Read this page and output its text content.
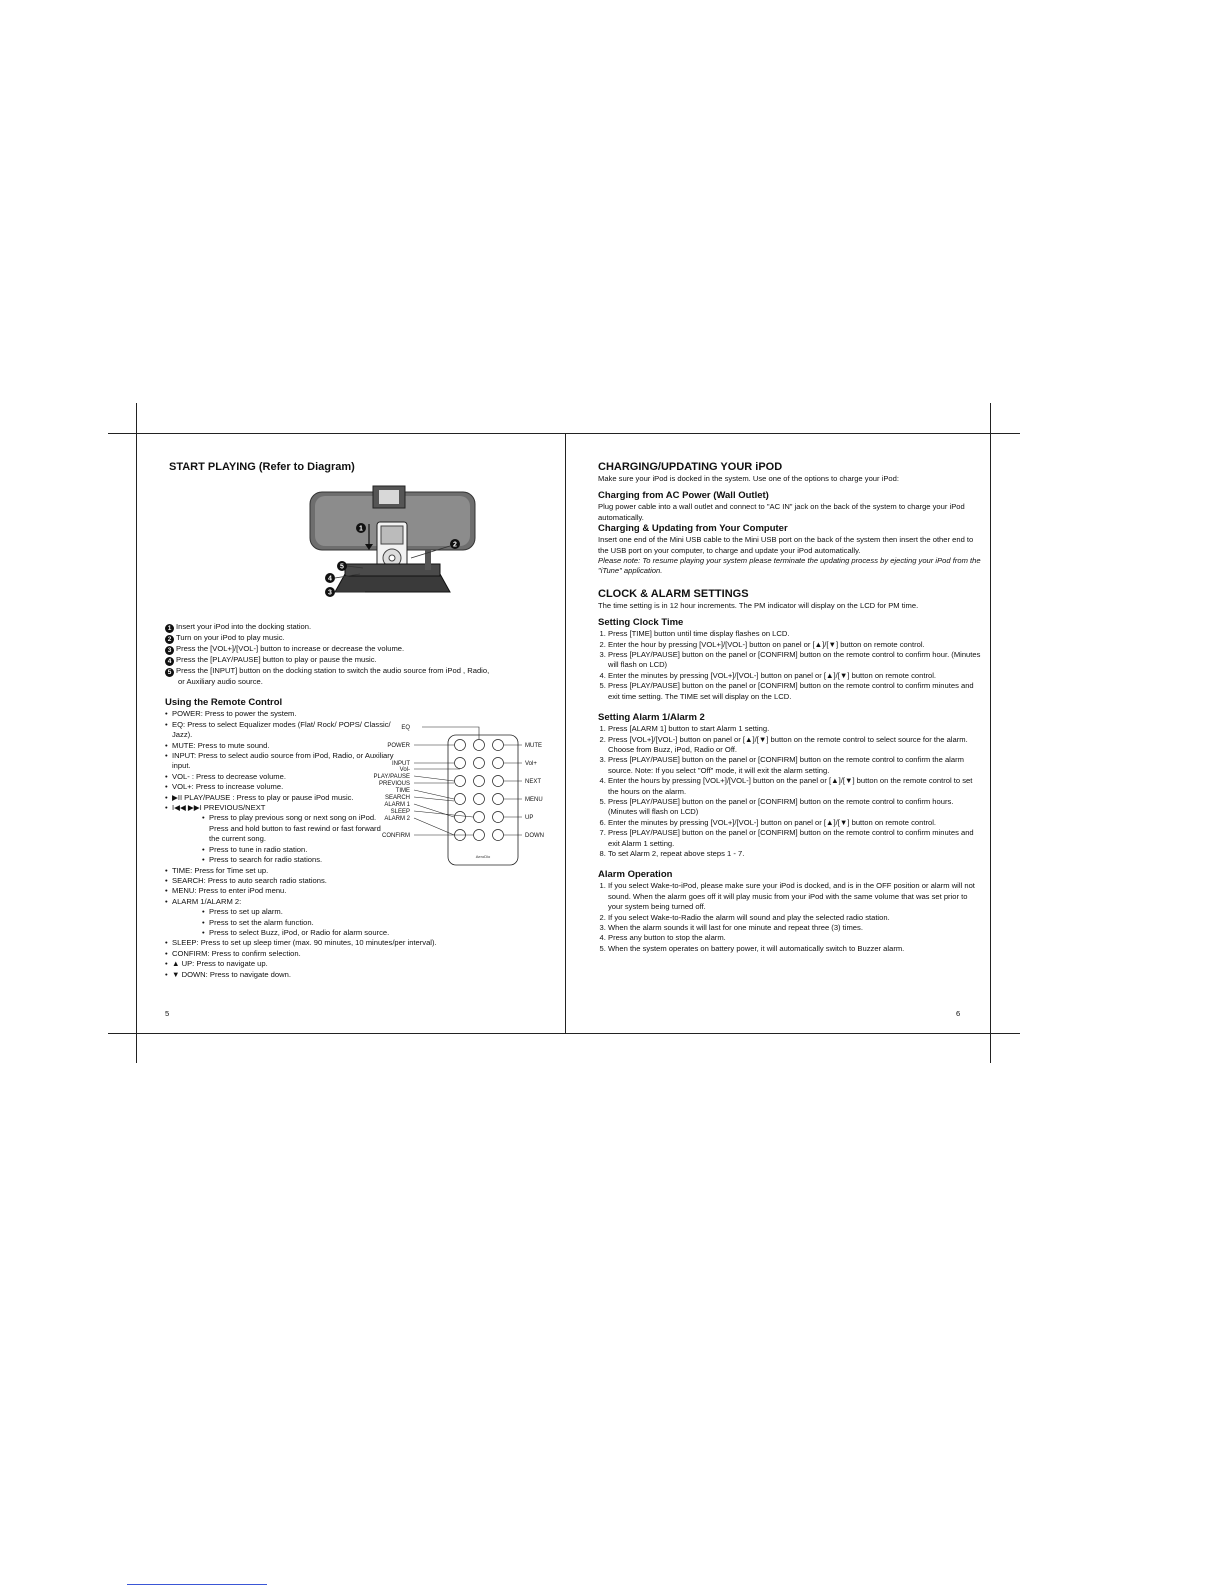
START PLAYING (Refer to Diagram)
1
2
3
4
5

1 Insert your iPod into the docking station.

2 Turn on your iPod to play music.

3 Press the [VOL+]/[VOL-] button to increase or decrease the volume.

4 Press the [PLAY/PAUSE] button to play or pause the music.

5 Press the [INPUT] button on the docking station to switch the audio source from iPod , Radio, or Auxiliary audio source.

Using the Remote Control
• POWER: Press to power the system.
• EQ: Press to select Equalizer modes (Flat/ Rock/ POPS/ Classic/ Jazz).
• MUTE: Press to mute sound.
• INPUT: Press to select audio source from iPod, Radio, or Auxiliary input.
• VOL- : Press to decrease volume.
• VOL+: Press to increase volume.
• ▶II PLAY/PAUSE : Press to play or pause iPod music.
• I◀◀ ▶▶I PREVIOUS/NEXT
• Press to play previous song or next song on iPod. Press and hold button to fast rewind or fast forward the current song.
• Press to tune in radio station.
• Press to search for radio stations.
• TIME: Press for Time set up.
• SEARCH: Press to auto search radio stations.
• MENU: Press to enter iPod menu.
• ALARM 1/ALARM 2:
• Press to set up alarm.
• Press to set the alarm function.
• Press to select Buzz, iPod, or Radio for alarm source.
• SLEEP: Press to set up sleep timer (max. 90 minutes, 10 minutes/per interval).
• CONFIRM: Press to confirm selection.
• ▲ UP: Press to navigate up.
• ▼ DOWN: Press to navigate down.
AeroDio
EQ
POWER
INPUT
Vol-
PLAY/PAUSE
PREVIOUS
TIME
SEARCH
ALARM 1
SLEEP
ALARM 2
CONFIRM
MUTE
Vol+
NEXT
MENU
UP
DOWN
5
CHARGING/UPDATING YOUR iPOD

Make sure your iPod is docked in the system. Use one of the options to charge your iPod:

Charging from AC Power (Wall Outlet)

Plug power cable into a wall outlet and connect to "AC IN" jack on the back of the system to charge your iPod automatically.

Charging & Updating from Your Computer

Insert one end of the Mini USB cable to the Mini USB port on the back of the system then insert the other end to the USB port on your computer, to charge and update your iPod automatically.

Please note: To resume playing your system please terminate the updating process by ejecting your iPod from the "iTune" application.

CLOCK & ALARM SETTINGS

The time setting is in 12 hour increments. The PM indicator will display on the LCD for PM time.

Setting Clock Time
1. Press [TIME] button until time display flashes on LCD.
2. Enter the hour by pressing [VOL+]/[VOL-] button on panel or [▲]/[▼] button on remote control.
3. Press [PLAY/PAUSE] button on the panel or [CONFIRM] button on the remote control to confirm hour. (Minutes will flash on LCD)
4. Enter the minutes by pressing [VOL+]/[VOL-] button on panel or [▲]/[▼] button on remote control.
5. Press [PLAY/PAUSE] button on the panel or [CONFIRM] button on the remote control to confirm minutes and exit time setting. The TIME set will display on the LCD.
Setting Alarm 1/Alarm 2
1. Press [ALARM 1] button to start Alarm 1 setting.
2. Press [VOL+]/[VOL-] button on panel or [▲]/[▼] button on the remote control to select source for the alarm. Choose from Buzz, iPod, Radio or Off.
3. Press [PLAY/PAUSE] button on the panel or [CONFIRM] button on the remote control to confirm the alarm source. Note: If you select "Off" mode, it will exit the alarm setting.
4. Enter the hours by pressing [VOL+]/[VOL-] button on the panel or [▲]/[▼] button on the remote control to set the hours on the alarm.
5. Press [PLAY/PAUSE] button on the panel or [CONFIRM] button on the remote control to confirm hours. (Minutes will flash on LCD)
6. Enter the minutes by pressing [VOL+]/[VOL-] button on panel or [▲]/[▼] button on remote control.
7. Press [PLAY/PAUSE] button on the panel or [CONFIRM] button on the remote control to confirm minutes and exit Alarm 1 setting.
8. To set Alarm 2, repeat above steps 1 - 7.
Alarm Operation
1. If you select Wake-to-iPod, please make sure your iPod is docked, and is in the OFF position or alarm will not sound. When the alarm goes off it will play music from your iPod with the same volume that was set prior to your system being turned off.
2. If you select Wake-to-Radio the alarm will sound and play the selected radio station.
3. When the alarm sounds it will last for one minute and repeat three (3) times.
4. Press any button to stop the alarm.
5. When the system operates on battery power, it will automatically switch to Buzzer alarm.
6
